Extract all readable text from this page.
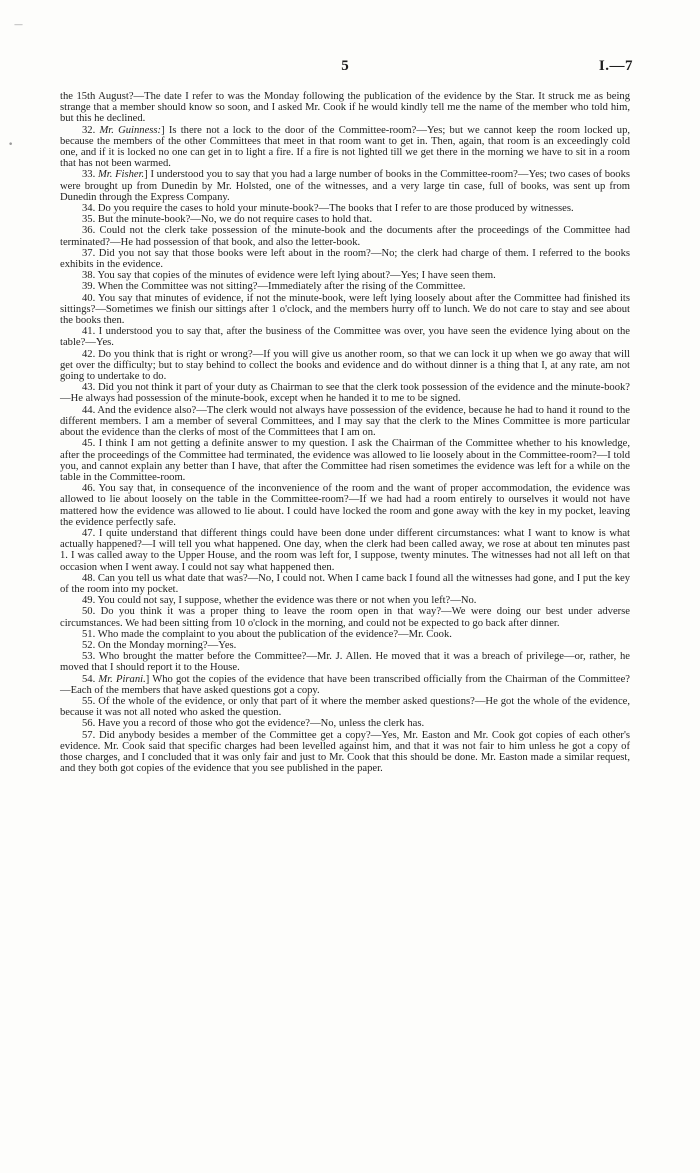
5	I.—7
—
•

the 15th August?—The date I refer to was the Monday following the publication of the evidence by the Star. It struck me as being strange that a member should know so soon, and I asked Mr. Cook if he would kindly tell me the name of the member who told him, but this he declined.

32. Mr. Guinness:] Is there not a lock to the door of the Committee-room?—Yes; but we cannot keep the room locked up, because the members of the other Committees that meet in that room want to get in. Then, again, that room is an exceedingly cold one, and if it is locked no one can get in to light a fire. If a fire is not lighted till we get there in the morning we have to sit in a room that has not been warmed.

33. Mr. Fisher.] I understood you to say that you had a large number of books in the Committee-room?—Yes; two cases of books were brought up from Dunedin by Mr. Holsted, one of the witnesses, and a very large tin case, full of books, was sent up from Dunedin through the Express Company.

34. Do you require the cases to hold your minute-book?—The books that I refer to are those produced by witnesses.

35. But the minute-book?—No, we do not require cases to hold that.

36. Could not the clerk take possession of the minute-book and the documents after the proceedings of the Committee had terminated?—He had possession of that book, and also the letter-book.

37. Did you not say that those books were left about in the room?—No; the clerk had charge of them. I referred to the books exhibits in the evidence.

38. You say that copies of the minutes of evidence were left lying about?—Yes; I have seen them.

39. When the Committee was not sitting?—Immediately after the rising of the Committee.

40. You say that minutes of evidence, if not the minute-book, were left lying loosely about after the Committee had finished its sittings?—Sometimes we finish our sittings after 1 o'clock, and the members hurry off to lunch. We do not care to stay and see about the books then.

41. I understood you to say that, after the business of the Committee was over, you have seen the evidence lying about on the table?—Yes.

42. Do you think that is right or wrong?—If you will give us another room, so that we can lock it up when we go away that will get over the difficulty; but to stay behind to collect the books and evidence and do without dinner is a thing that I, at any rate, am not going to undertake to do.

43. Did you not think it part of your duty as Chairman to see that the clerk took possession of the evidence and the minute-book?—He always had possession of the minute-book, except when he handed it to me to be signed.

44. And the evidence also?—The clerk would not always have possession of the evidence, because he had to hand it round to the different members. I am a member of several Committees, and I may say that the clerk to the Mines Committee is more particular about the evidence than the clerks of most of the Committees that I am on.

45. I think I am not getting a definite answer to my question. I ask the Chairman of the Committee whether to his knowledge, after the proceedings of the Committee had terminated, the evidence was allowed to lie loosely about in the Committee-room?—I told you, and cannot explain any better than I have, that after the Committee had risen sometimes the evidence was left for a while on the table in the Committee-room.

46. You say that, in consequence of the inconvenience of the room and the want of proper accommodation, the evidence was allowed to lie about loosely on the table in the Committee-room?—If we had had a room entirely to ourselves it would not have mattered how the evidence was allowed to lie about. I could have locked the room and gone away with the key in my pocket, leaving the evidence perfectly safe.

47. I quite understand that different things could have been done under different circumstances: what I want to know is what actually happened?—I will tell you what happened. One day, when the clerk had been called away, we rose at about ten minutes past 1. I was called away to the Upper House, and the room was left for, I suppose, twenty minutes. The witnesses had not all left on that occasion when I went away. I could not say what happened then.

48. Can you tell us what date that was?—No, I could not. When I came back I found all the witnesses had gone, and I put the key of the room into my pocket.

49. You could not say, I suppose, whether the evidence was there or not when you left?—No.

50. Do you think it was a proper thing to leave the room open in that way?—We were doing our best under adverse circumstances. We had been sitting from 10 o'clock in the morning, and could not be expected to go back after dinner.

51. Who made the complaint to you about the publication of the evidence?—Mr. Cook.

52. On the Monday morning?—Yes.

53. Who brought the matter before the Committee?—Mr. J. Allen. He moved that it was a breach of privilege—or, rather, he moved that I should report it to the House.

54. Mr. Pirani.] Who got the copies of the evidence that have been transcribed officially from the Chairman of the Committee?—Each of the members that have asked questions got a copy.

55. Of the whole of the evidence, or only that part of it where the member asked questions?—He got the whole of the evidence, because it was not all noted who asked the question.

56. Have you a record of those who got the evidence?—No, unless the clerk has.

57. Did anybody besides a member of the Committee get a copy?—Yes, Mr. Easton and Mr. Cook got copies of each other's evidence. Mr. Cook said that specific charges had been levelled against him, and that it was not fair to him unless he got a copy of those charges, and I concluded that it was only fair and just to Mr. Cook that this should be done. Mr. Easton made a similar request, and they both got copies of the evidence that you see published in the paper.
